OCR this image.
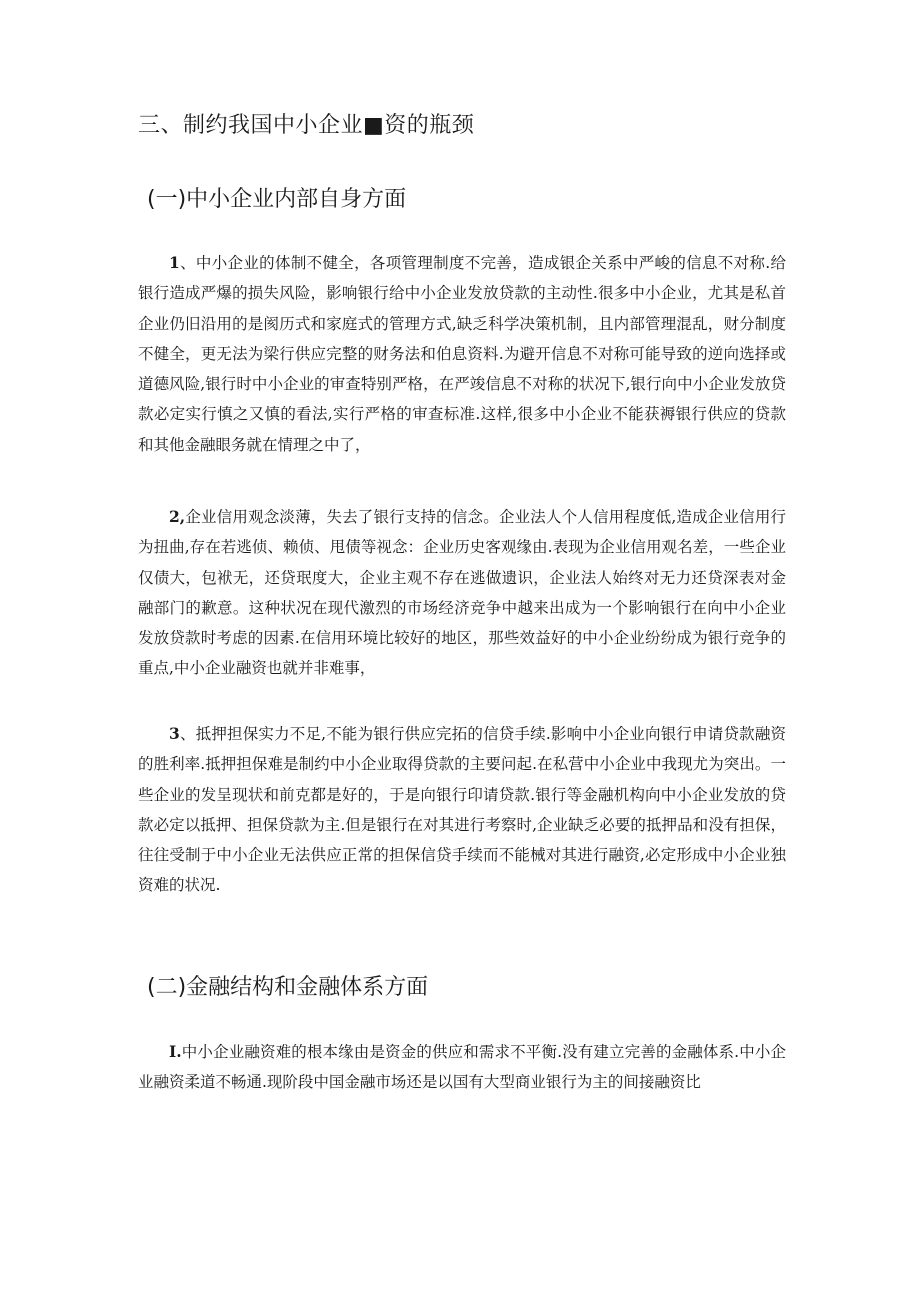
三、制约我国中小企业■资的瓶颈
(一)中小企业内部自身方面

1、中小企业的体制不健全，各项管理制度不完善，造成银企关系中严峻的信息不对称.给银行造成严爆的损失风险，影响银行给中小企业发放贷款的主动性.很多中小企业，尤其是私首企业仍旧沿用的是阂历式和家庭式的管理方式,缺乏科学决策机制，且内部管理混乱，财分制度不健全，更无法为梁行供应完整的财务法和伯息资料.为避开信息不对称可能导致的逆向选择或道德风险,银行时中小企业的审查特别严格，在严竣信息不对称的状况下,银行向中小企业发放贷款必定实行慎之又慎的看法,实行严格的审查标准.这样,很多中小企业不能获褥银行供应的贷款和其他金融眼务就在情理之中了，

2,企业信用观念淡薄，失去了银行支持的信念。企业法人个人信用程度低,造成企业信用行为扭曲,存在若逃侦、赖侦、甩债等视念：企业历史客观缘由.表现为企业信用观名差，一些企业仅债大，包袱无，还贷珉度大，企业主观不存在逃做遗识，企业法人始终对无力还贷深表对金融部门的歉意。这种状况在现代激烈的市场经济竞争中越来出成为一个影响银行在向中小企业发放贷款时考虑的因素.在信用环境比较好的地区，那些效益好的中小企业纷纷成为银行竞争的重点,中小企业融资也就并非难事，

3、抵押担保实力不足,不能为银行供应完拓的信贷手续.影响中小企业向银行申请贷款融资的胜利率.抵押担保难是制约中小企业取得贷款的主要问起.在私营中小企业中我现尤为突出。一些企业的发呈现状和前克都是好的，于是向银行印请贷款.银行等金融机构向中小企业发放的贷款必定以抵押、担保贷款为主.但是银行在对其进行考察时,企业缺乏必要的抵押品和没有担保，往往受制于中小企业无法供应正常的担保信贷手续而不能械对其进行融资,必定形成中小企业独资难的状况.

(二)金融结构和金融体系方面

I.中小企业融资难的根本缘由是资金的供应和需求不平衡.没有建立完善的金融体系.中小企业融资柔道不畅通.现阶段中国金融市场还是以国有大型商业银行为主的间接融资比
